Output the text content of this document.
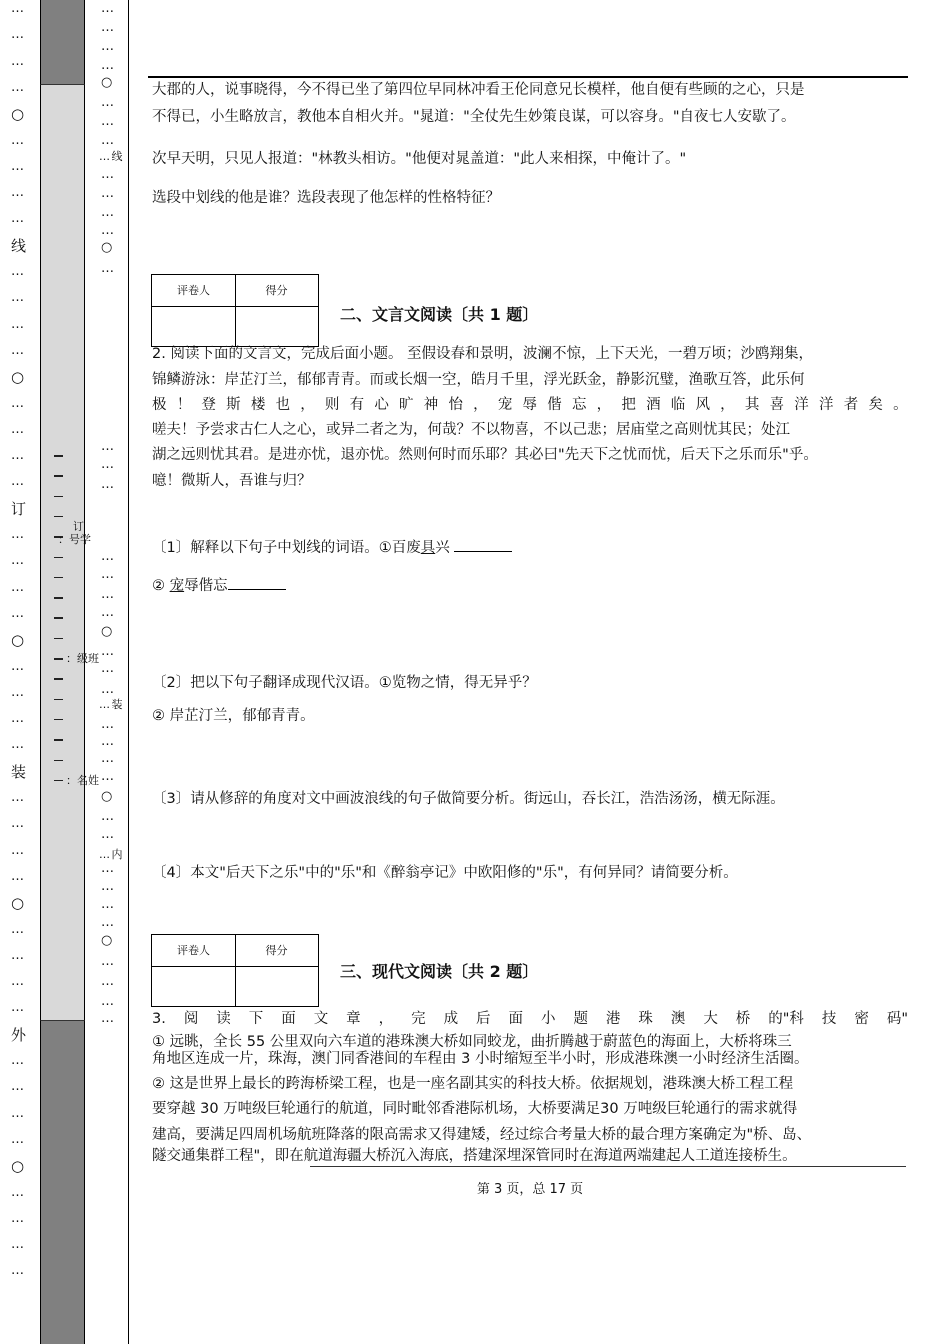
…
…
…
…
○
…
…
…
…
线
…
…
…
…
○
…
…
…
…
订
…
…
…
…
○
…
…
…
…
装
…
…
…
…
○
…
…
…
…
外
…
…
…
…
○
…
…
…
…
…
…
…
…
○
…
…
…
… 线
…
…
…
…
○
…
…
…
…
…
…
…
…
○
…
…
…
… 装
…
…
…
…
○
…
…
… 内
…
…
…
…
○
…
…
…
…
订
：号学
：级班
：名姓
大郡的人，说事晓得，今不得已坐了第四位早同林冲看王伦同意兄长模样，他自便有些顾的之心，只是
不得已，小生略放言，教他本自相火并。"晁道："全仗先生妙策良谋，可以容身。"自夜七人安歇了。
次早天明，只见人报道："林教头相访。"他便对晁盖道："此人来相探，中俺计了。"
选段中划线的他是谁？选段表现了他怎样的性格特征？
评卷人	得分
二、文言文阅读〔共 1 题〕
2. 阅读下面的文言文，完成后面小题。 至假设春和景明，波澜不惊，上下天光，一碧万顷；沙鸥翔集，
锦鳞游泳：岸芷汀兰，郁郁青青。而或长烟一空，皓月千里，浮光跃金，静影沉璧，渔歌互答，此乐何
极 ！ 登 斯 楼 也 ， 则 有 心 旷 神 怡 ， 宠 辱 偕 忘 ， 把 酒 临 风 ， 其 喜 洋 洋 者 矣 。
嗟夫！予尝求古仁人之心，或异二者之为，何哉？不以物喜，不以己悲；居庙堂之高则忧其民；处江
湖之远则忧其君。是进亦忧，退亦忧。然则何时而乐耶？其必曰"先天下之忧而忧，后天下之乐而乐"乎。
噫！微斯人，吾谁与归？
〔1〕解释以下句子中划线的词语。①百废具兴
② 宠辱偕忘
〔2〕把以下句子翻译成现代汉语。①览物之情，得无异乎？
② 岸芷汀兰，郁郁青青。
〔3〕请从修辞的角度对文中画波浪线的句子做简要分析。街远山，吞长江，浩浩汤汤，横无际涯。
〔4〕本文"后天下之乐"中的"乐"和《醉翁亭记》中欧阳修的"乐"，有何异同？请简要分析。
评卷人	得分
三、现代文阅读〔共 2 题〕
3. 阅 读 下 面 文 章 ， 完 成 后 面 小 题 港 珠 澳 大 桥 的"科 技 密 码"
① 远眺，全长 55 公里双向六车道的港珠澳大桥如同蛟龙，曲折腾越于蔚蓝色的海面上，大桥将珠三
角地区连成一片，珠海，澳门同香港间的车程由 3 小时缩短至半小时，形成港珠澳一小时经济生活圈。
② 这是世界上最长的跨海桥梁工程，也是一座名副其实的科技大桥。依据规划，港珠澳大桥工程工程
要穿越 30 万吨级巨轮通行的航道，同时毗邻香港际机场，大桥要满足30 万吨级巨轮通行的需求就得
建高，要满足四周机场航班降落的限高需求又得建矮，经过综合考量大桥的最合理方案确定为"桥、岛、
隧交通集群工程"，即在航道海疆大桥沉入海底，搭建深埋深管同时在海道两端建起人工道连接桥生。
第 3 页，总 17 页
